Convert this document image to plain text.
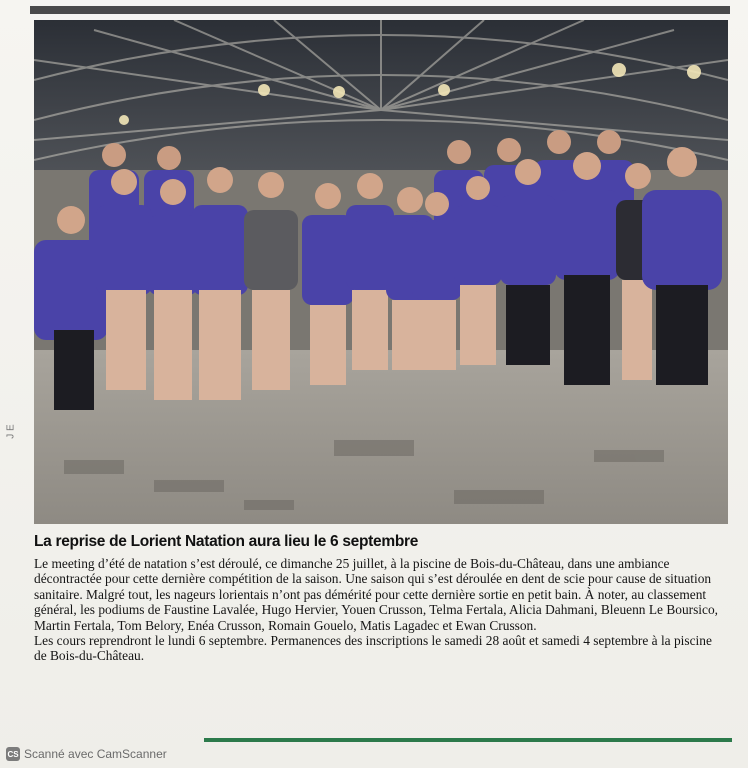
J E
La reprise de Lorient Natation aura lieu le 6 septembre

Le meeting d’été de natation s’est déroulé, ce dimanche 25 juillet, à la piscine de Bois-du-Château, dans une ambiance décontractée pour cette dernière compétition de la saison. Une saison qui s’est déroulée en dent de scie pour cause de situation sanitaire. Malgré tout, les nageurs lorientais n’ont pas démérité pour cette dernière sortie en petit bain. À noter, au classement général, les podiums de Faustine Lavalée, Hugo Hervier, Youen Crusson, Telma Fertala, Alicia Dahmani, Bleuenn Le Boursico, Martin Fertala, Tom Belory, Enéa Crusson, Romain Gouelo, Matis Lagadec et Ewan Crusson.

Les cours reprendront le lundi 6 septembre. Permanences des inscriptions le samedi 28 août et samedi 4 septembre à la piscine de Bois-du-Château.

CS Scanné avec CamScanner
